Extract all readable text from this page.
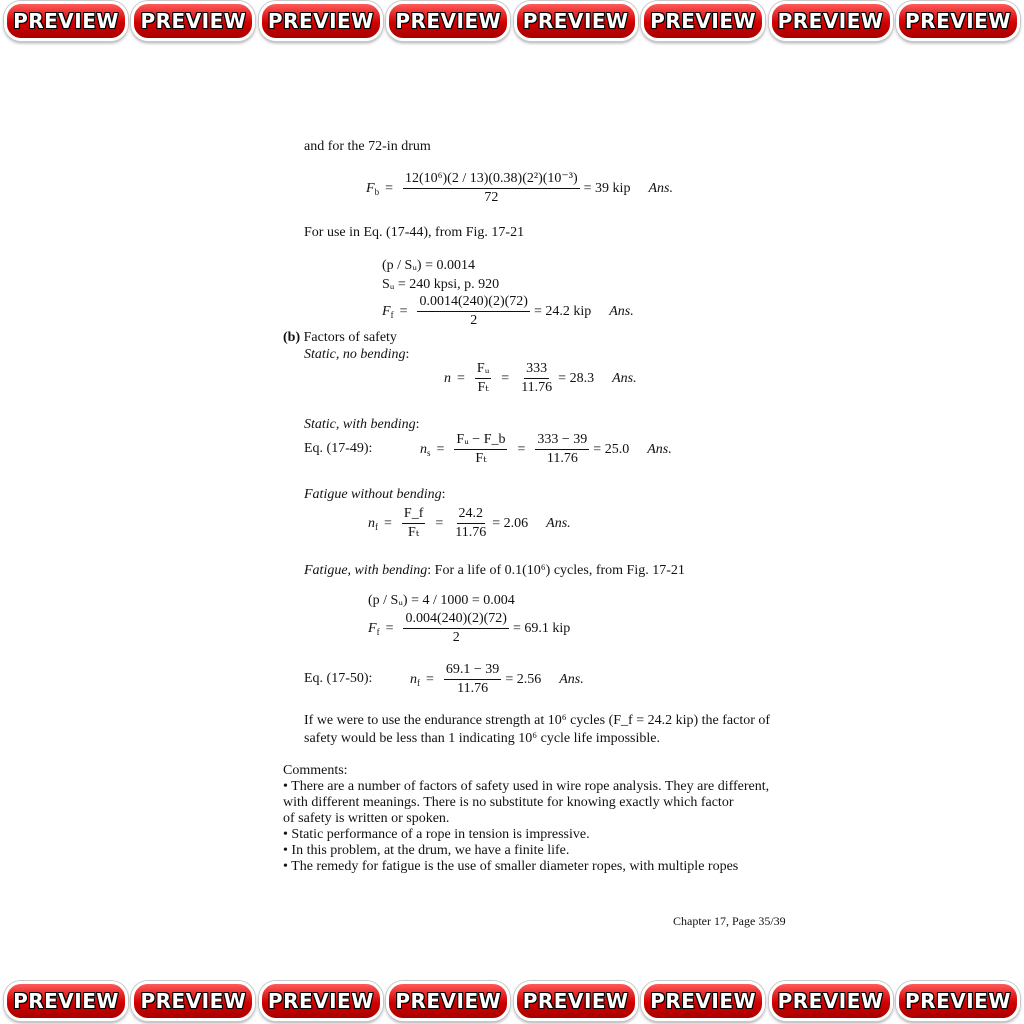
PREVIEW	PREVIEW	PREVIEW	PREVIEW	PREVIEW	PREVIEW	PREVIEW	PREVIEW
and for the 72-in drum
$F_b = \frac{\text{12(10⁶)(2 / 13)(0.38)(2²)(10⁻³)}}{72} = 39$ kip Ans.
For use in Eq. (17-44), from Fig. 17-21
(p / Sᵤ) = 0.0014
Sᵤ = 240 kpsi, p. 920
$F_f = \frac{0.0014(240)(2)(72)}{2} = 24.2$ kip Ans.
(b) Factors of safety
Static, no bending:
$n = \frac{\text{Fᵤ}}{\text{Fₜ}} = \frac{333}{11.76} = 28.3$ Ans.
Static, with bending:
Eq. (17-49):	$n_s = \frac{\text{Fᵤ − F\_b}}{\text{Fₜ}} = \frac{333 - 39}{11.76} = 25.0$ Ans.
Fatigue without bending:
$n_f = \frac{F\_f}{\text{Fₜ}} = \frac{24.2}{11.76} = 2.06$ Ans.
Fatigue, with bending: For a life of 0.1(10⁶) cycles, from Fig. 17-21
(p / Sᵤ) = 4 / 1000 = 0.004
$F_f = \frac{0.004(240)(2)(72)}{2} = 69.1$ kip
Eq. (17-50):	$n_f = \frac{69.1 - 39}{11.76} = 2.56$ Ans.
If we were to use the endurance strength at 10⁶ cycles (F_f = 24.2 kip) the factor of
safety would be less than 1 indicating 10⁶ cycle life impossible.
Comments:
• There are a number of factors of safety used in wire rope analysis. They are different,
with different meanings. There is no substitute for knowing exactly which factor
of safety is written or spoken.
• Static performance of a rope in tension is impressive.
• In this problem, at the drum, we have a finite life.
• The remedy for fatigue is the use of smaller diameter ropes, with multiple ropes
Chapter 17, Page 35/39
PREVIEW	PREVIEW	PREVIEW	PREVIEW	PREVIEW	PREVIEW	PREVIEW	PREVIEW
